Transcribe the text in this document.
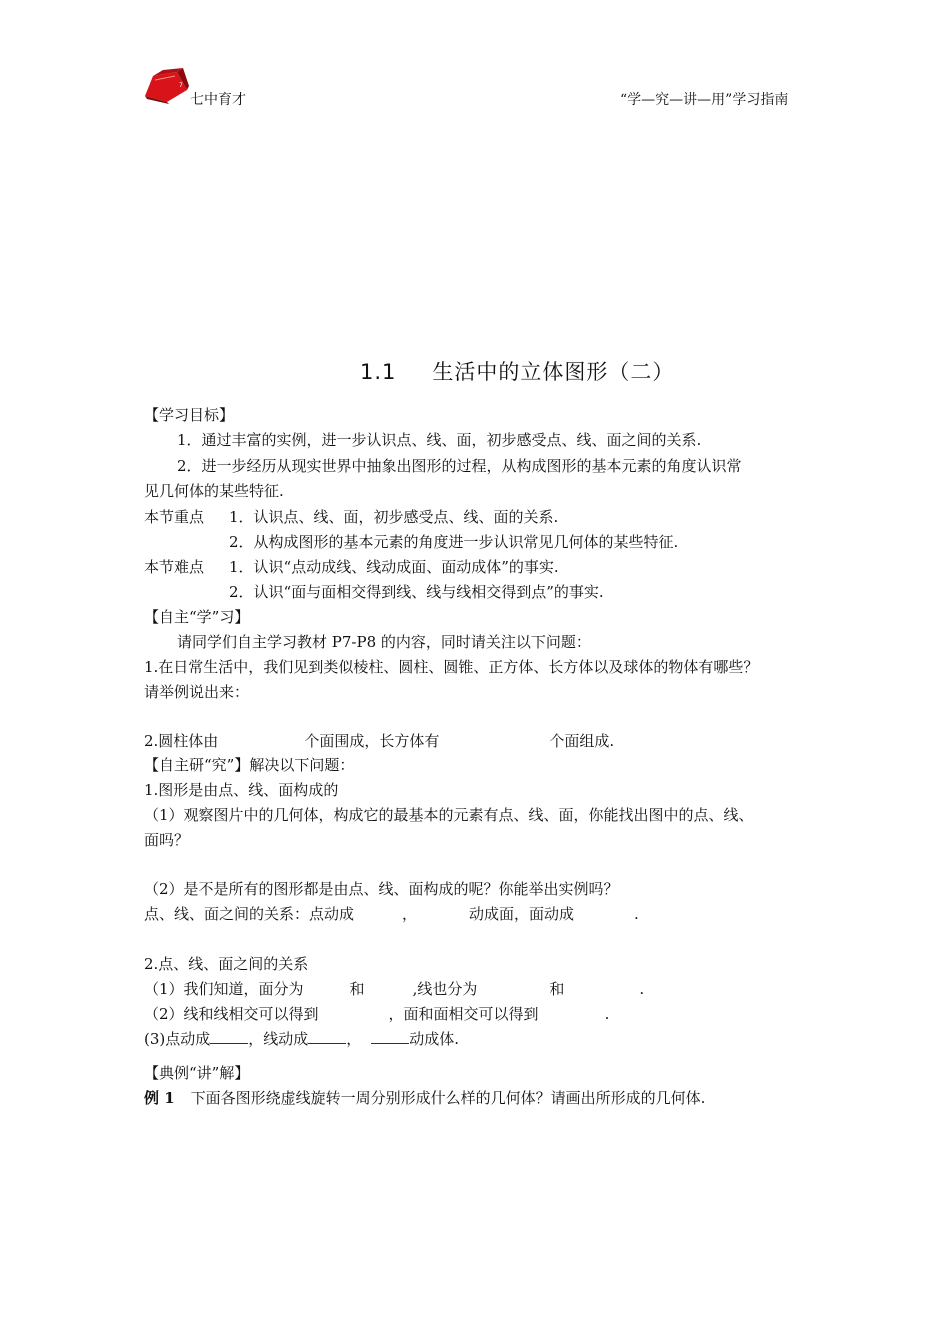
7
七中育才	“学—究—讲—用”学习指南
1.1 生活中的立体图形（二）
【学习目标】
1．通过丰富的实例，进一步认识点、线、面，初步感受点、线、面之间的关系.
2．进一步经历从现实世界中抽象出图形的过程，从构成图形的基本元素的角度认识常
见几何体的某些特征.
本节重点 1．认识点、线、面，初步感受点、线、面的关系.
2．从构成图形的基本元素的角度进一步认识常见几何体的某些特征.
本节难点 1．认识“点动成线、线动成面、面动成体”的事实.
2．认识“面与面相交得到线、线与线相交得到点”的事实.
【自主“学”习】
请同学们自主学习教材 P7-P8 的内容，同时请关注以下问题：
1.在日常生活中，我们见到类似棱柱、圆柱、圆锥、正方体、长方体以及球体的物体有哪些？
请举例说出来：
2.圆柱体由	个面围成，长方体有	个面组成.
【自主研“究”】解决以下问题：
1.图形是由点、线、面构成的
（1）观察图片中的几何体，构成它的最基本的元素有点、线、面，你能找出图中的点、线、
面吗？
（2）是不是所有的图形都是由点、线、面构成的呢？你能举出实例吗？
点、线、面之间的关系：点动成	，	动成面，面动成	.
2.点、线、面之间的关系
（1）我们知道，面分为	和	,线也分为	和	.
（2）线和线相交可以得到	，面和面相交可以得到	.
(3)点动成	，线动成	，	动成体.
【典例“讲”解】
例 1 下面各图形绕虚线旋转一周分别形成什么样的几何体？请画出所形成的几何体.
